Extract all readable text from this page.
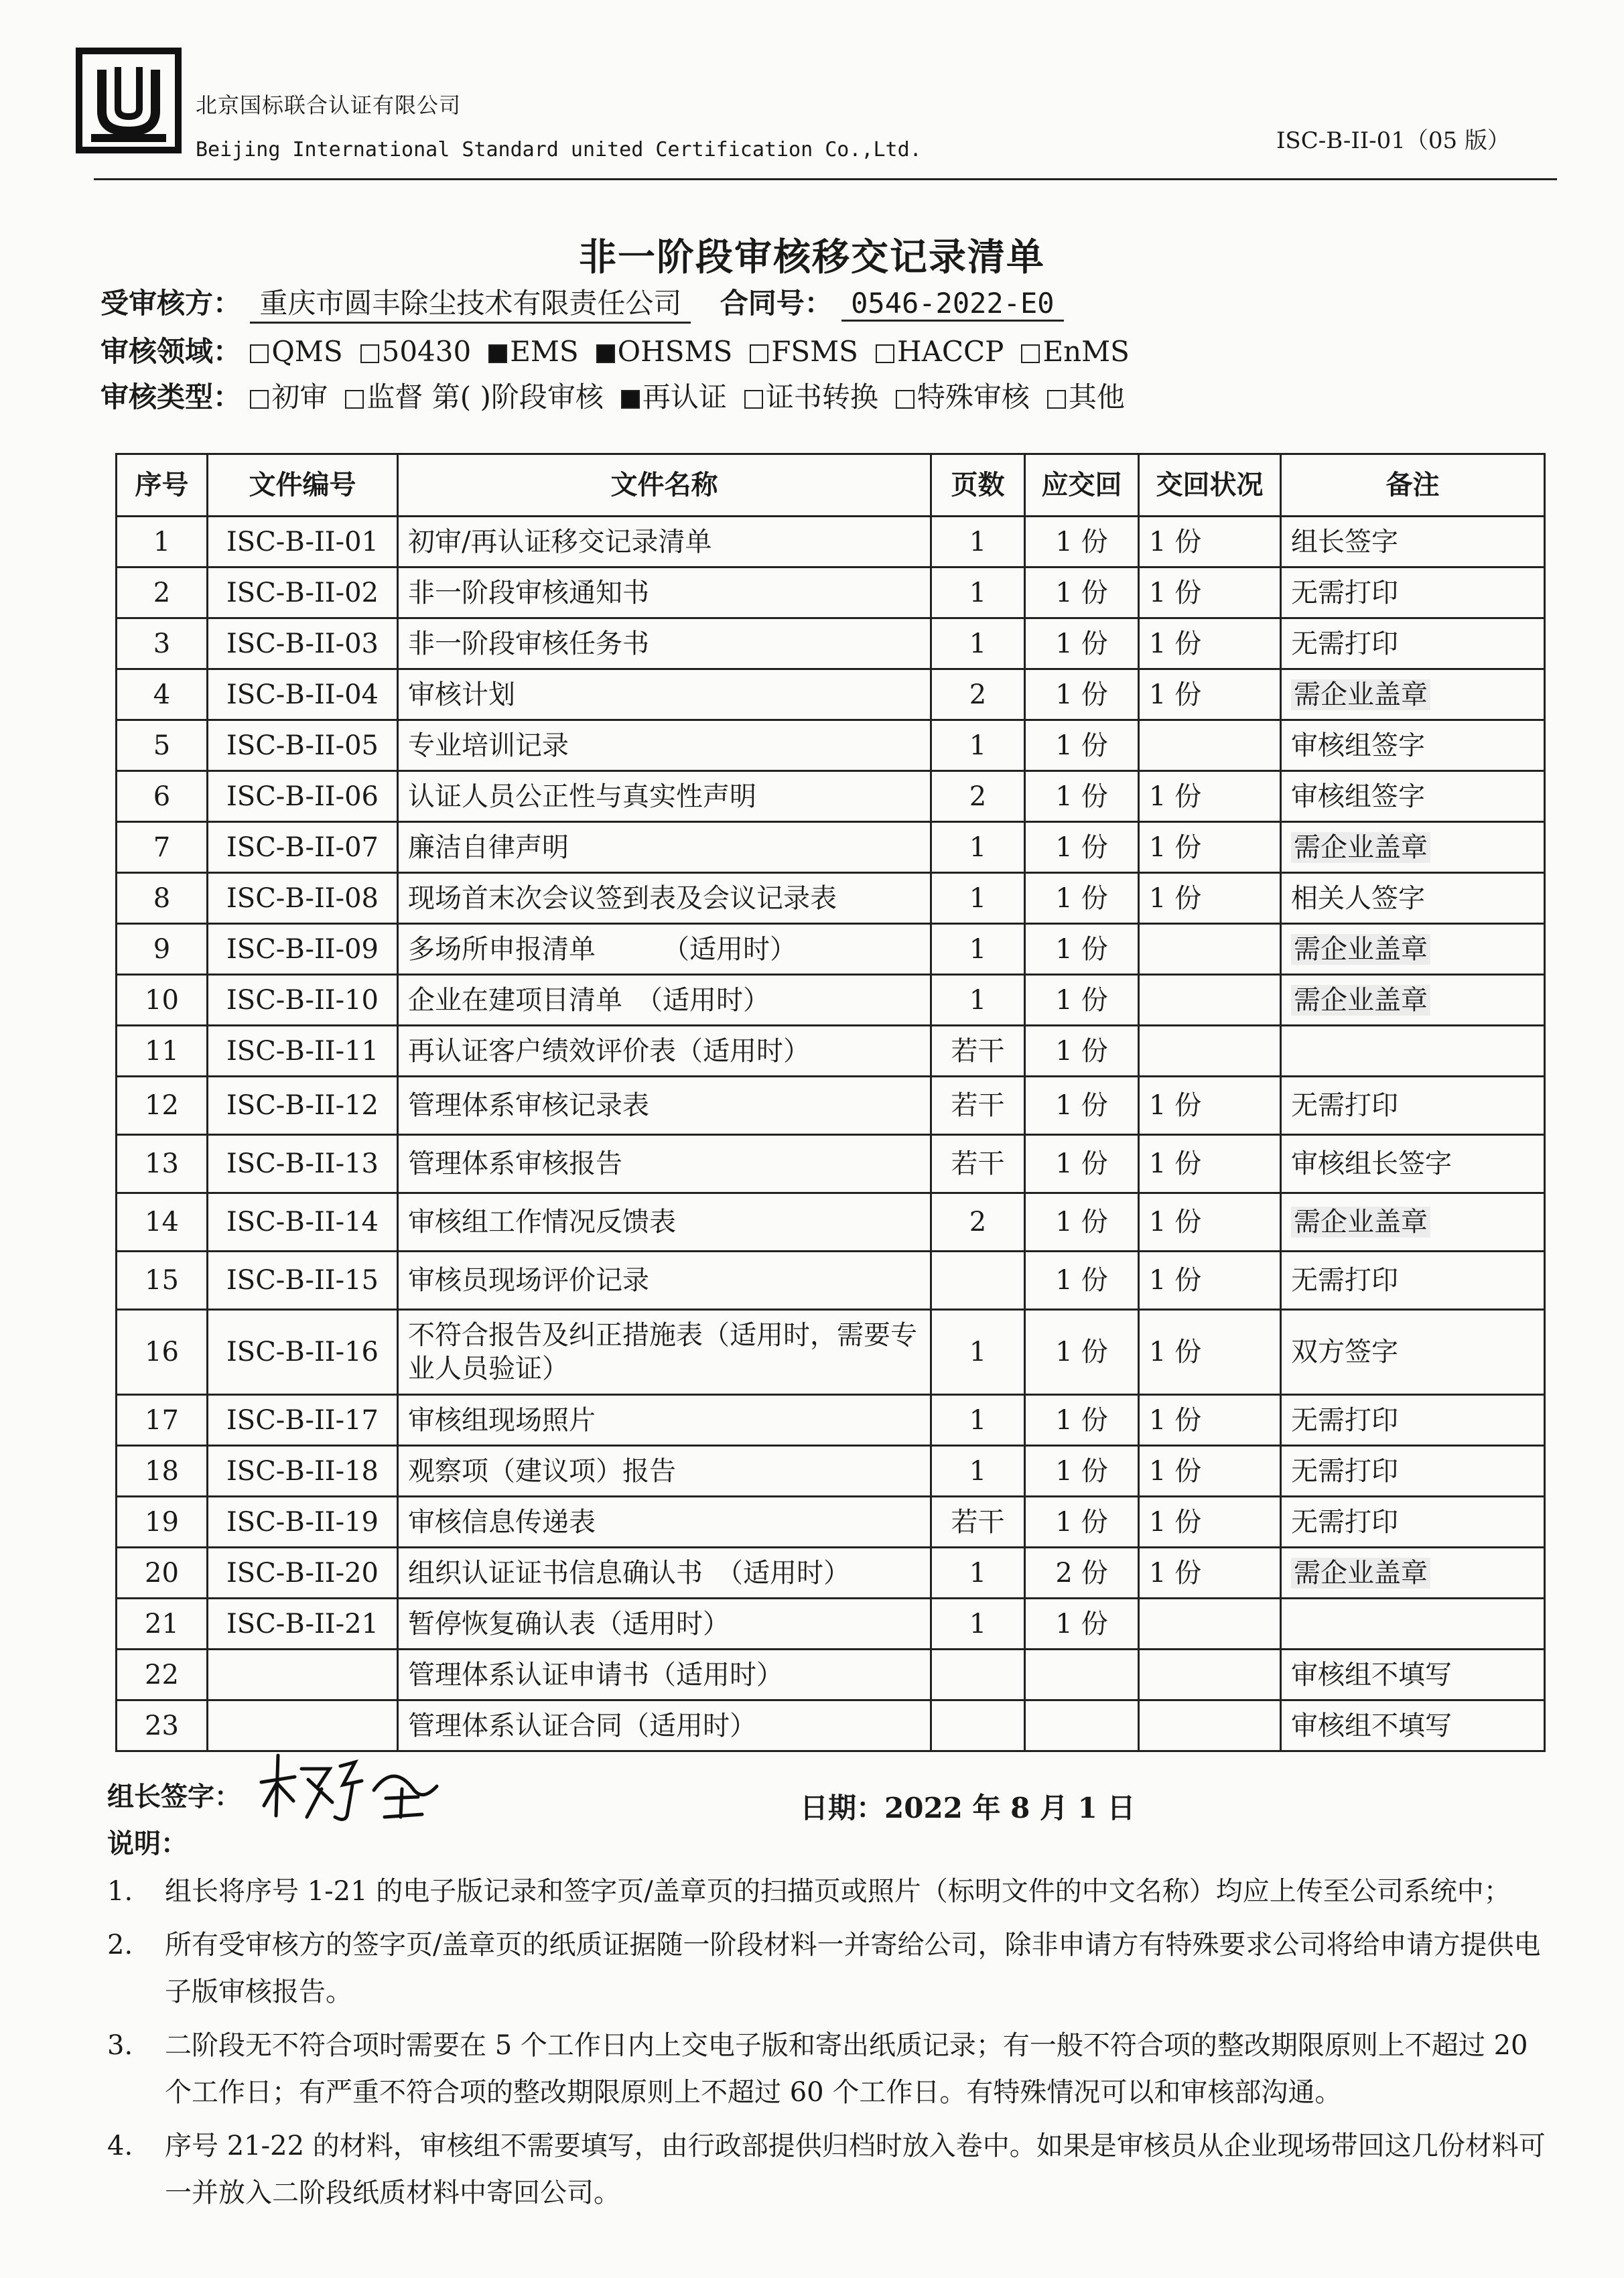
北京国标联合认证有限公司
Beijing International Standard united Certification Co.,Ltd.	ISC-B-II-01（05 版）
非一阶段审核移交记录清单
受审核方： 重庆市圆丰除尘技术有限责任公司 合同号： 0546-2022-E0
审核领域： QMS 50430 EMS OHSMS FSMS HACCP EnMS
审核类型： 初审 监督 第( )阶段审核 再认证 证书转换 特殊审核 其他
序号	文件编号	文件名称	页数	应交回	交回状况	备注
1	ISC-B-II-01	初审/再认证移交记录清单	1	1 份	1 份	组长签字
2	ISC-B-II-02	非一阶段审核通知书	1	1 份	1 份	无需打印
3	ISC-B-II-03	非一阶段审核任务书	1	1 份	1 份	无需打印
4	ISC-B-II-04	审核计划	2	1 份	1 份	需企业盖章
5	ISC-B-II-05	专业培训记录	1	1 份		审核组签字
6	ISC-B-II-06	认证人员公正性与真实性声明	2	1 份	1 份	审核组签字
7	ISC-B-II-07	廉洁自律声明	1	1 份	1 份	需企业盖章
8	ISC-B-II-08	现场首末次会议签到表及会议记录表	1	1 份	1 份	相关人签字
9	ISC-B-II-09	多场所申报清单　　　（适用时）	1	1 份		需企业盖章
10	ISC-B-II-10	企业在建项目清单　（适用时）	1	1 份		需企业盖章
11	ISC-B-II-11	再认证客户绩效评价表（适用时）	若干	1 份		
12	ISC-B-II-12	管理体系审核记录表	若干	1 份	1 份	无需打印
13	ISC-B-II-13	管理体系审核报告	若干	1 份	1 份	审核组长签字
14	ISC-B-II-14	审核组工作情况反馈表	2	1 份	1 份	需企业盖章
15	ISC-B-II-15	审核员现场评价记录		1 份	1 份	无需打印
16	ISC-B-II-16	不符合报告及纠正措施表（适用时，需要专业人员验证）	1	1 份	1 份	双方签字
17	ISC-B-II-17	审核组现场照片	1	1 份	1 份	无需打印
18	ISC-B-II-18	观察项（建议项）报告	1	1 份	1 份	无需打印
19	ISC-B-II-19	审核信息传递表	若干	1 份	1 份	无需打印
20	ISC-B-II-20	组织认证证书信息确认书　（适用时）	1	2 份	1 份	需企业盖章
21	ISC-B-II-21	暂停恢复确认表（适用时）	1	1 份		
22		管理体系认证申请书（适用时）				审核组不填写
23		管理体系认证合同（适用时）				审核组不填写
组长签字：	日期：2022 年 8 月 1 日
说明：
1. 组长将序号 1-21 的电子版记录和签字页/盖章页的扫描页或照片（标明文件的中文名称）均应上传至公司系统中；
2. 所有受审核方的签字页/盖章页的纸质证据随一阶段材料一并寄给公司，除非申请方有特殊要求公司将给申请方提供电子版审核报告。
3. 二阶段无不符合项时需要在 5 个工作日内上交电子版和寄出纸质记录；有一般不符合项的整改期限原则上不超过 20 个工作日；有严重不符合项的整改期限原则上不超过 60 个工作日。有特殊情况可以和审核部沟通。
4. 序号 21-22 的材料，审核组不需要填写，由行政部提供归档时放入卷中。如果是审核员从企业现场带回这几份材料可一并放入二阶段纸质材料中寄回公司。
